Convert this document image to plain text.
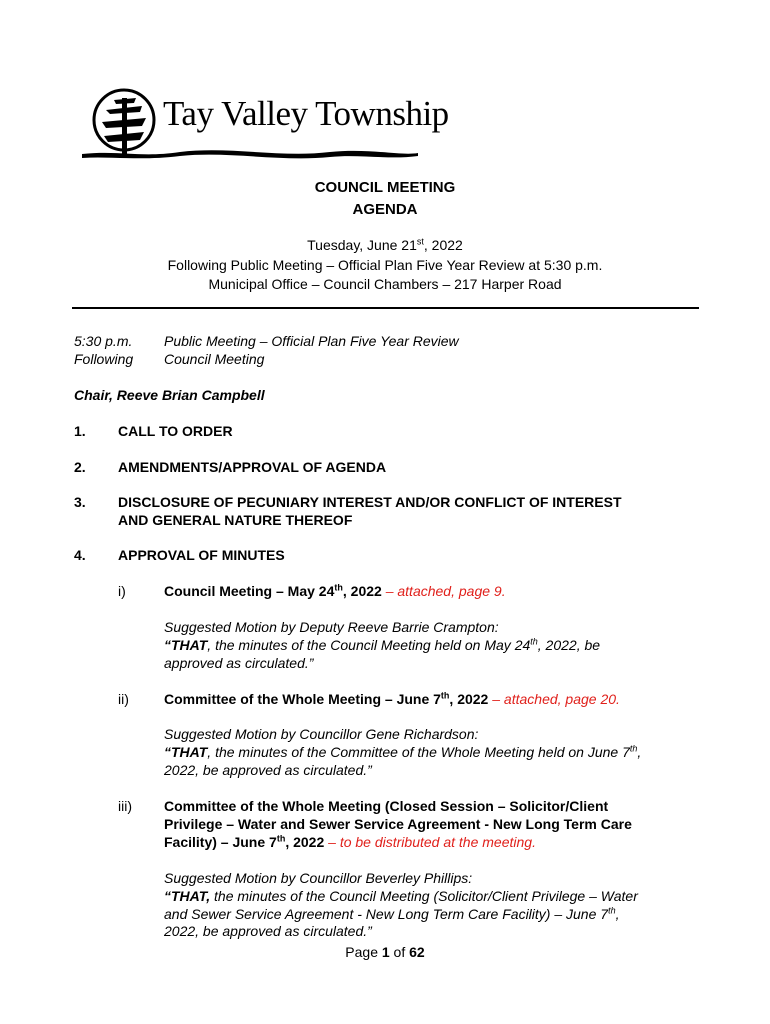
Tay Valley Township
COUNCIL MEETING
AGENDA
Tuesday, June 21st, 2022
Following Public Meeting – Official Plan Five Year Review at 5:30 p.m.
Municipal Office – Council Chambers – 217 Harper Road
5:30 p.m. Public Meeting – Official Plan Five Year Review
Following Council Meeting
Chair, Reeve Brian Campbell
1. CALL TO ORDER
2. AMENDMENTS/APPROVAL OF AGENDA
3. DISCLOSURE OF PECUNIARY INTEREST AND/OR CONFLICT OF INTEREST
AND GENERAL NATURE THEREOF
4. APPROVAL OF MINUTES
i)	Council Meeting – May 24th, 2022 – attached, page 9.
Suggested Motion by Deputy Reeve Barrie Crampton:
“THAT, the minutes of the Council Meeting held on May 24th, 2022, be
approved as circulated.”
ii)	Committee of the Whole Meeting – June 7th, 2022 – attached, page 20.
Suggested Motion by Councillor Gene Richardson:
“THAT, the minutes of the Committee of the Whole Meeting held on June 7th,
2022, be approved as circulated.”
iii) Committee of the Whole Meeting (Closed Session – Solicitor/Client
Privilege – Water and Sewer Service Agreement - New Long Term Care
Facility) – June 7th, 2022 – to be distributed at the meeting.
Suggested Motion by Councillor Beverley Phillips:
“THAT, the minutes of the Council Meeting (Solicitor/Client Privilege – Water
and Sewer Service Agreement - New Long Term Care Facility) – June 7th,
2022, be approved as circulated.”
Page 1 of 62
